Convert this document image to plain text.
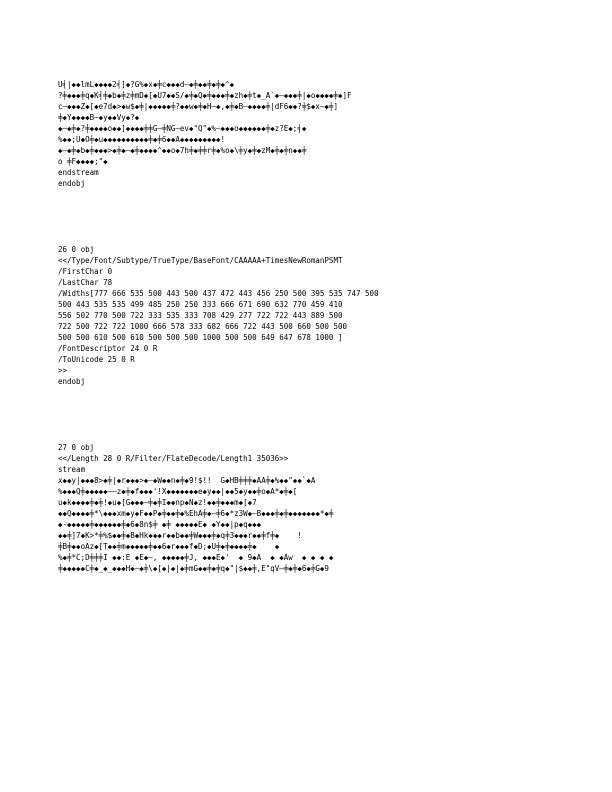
U╡|◆◆lmL◆◆◆◆2╡]◆?G%◆x◆╪c◆◆◆d–◆╪◆◆╪◆╪◆^◆
?╪◆◆◆╪q◆K╡╪◆b◆╪z╪mD◆[◆U7◆◆S/◆╪◆Q◆╪◆◆◆╪◆zh◆╪t◆_A`◆–◆◆◆╪|◆o◆◆◆◆╪◆]F
c–◆◆◆Z◆[◆e7d◆>◆w$◆╪|◆◆◆◆◆╪?◆◆w◆╪◆H–◆,◆╪◆B–◆◆◆◆╪|dF6◆◆?╪$◆x–◆╪]
╪◆Y◆◆◆◆B–◆y◆◆Vy◆?◆
◆–◆╪◆?╪◆◆◆◆o◆◆]◆◆◆◆╪╪G–╪NG–ev◆"Q"◆%–◆◆◆o◆◆◆◆◆◆╪◆z?E◆;╡◆
%◆◆;U◆O╪◆u◆◆◆◆◆◆◆◆◆◆╪◆╪6◆◆A◆◆◆◆◆◆◆◆◆!
◆–◆╪◆b◆╪◆◆◆>◆╪◆–◆╪◆◆◆◆^◆◆o◆7h╪◆╪╪r╪◆%o◆\╪y◆╪◆zM◆╪◆╪n◆◆╪
o ╪F◆◆◆◆;"◆
endstream
endobj

26 0 obj
<</Type/Font/Subtype/TrueType/BaseFont/CAAAAA+TimesNewRomanPSMT
/FirstChar 0
/LastChar 78
/Widths[777 666 535 500 443 500 437 472 443 456 250 500 395 535 747 500
500 443 535 535 499 485 250 250 333 666 671 690 632 770 459 410
556 502 770 500 722 333 535 333 708 429 277 722 722 443 889 500
722 500 722 722 1000 666 578 333 682 666 722 443 500 660 500 500
500 500 610 500 610 500 500 500 1000 500 500 649 647 678 1000 ]
/FontDescriptor 24 0 R
/ToUnicode 25 0 R
>>
endobj

27 0 obj
<</Length 28 0 R/Filter/FlateDecode/Length1 35036>>
stream
x◆◆y|◆◆◆8>◆╪|◆r◆◆◆>◆–◆W◆◆n◆╪◆9!$!!  G◆HB╪╪╪◆AA╪◆%◆◆"◆◆`◆A
%◆◆◆Q╪◆◆◆◆◆––z◆╪◆f◆◆◆'!X◆◆◆◆◆◆◆e◆y◆◆|◆◆5◆y◆◆╪o◆A*◆╪◆[
u◆k◆◆◆◆╪◆╪!◆u◆[G◆◆◆–╪◆╪I◆◆np◆N◆z!◆◆╪◆◆◆m◆[◆7
◆◆Q◆◆◆◆╪*\◆◆◆xm◆y◆F◆◆P◆╪◆◆╪◆%EhA╪◆–╪6◆*z3W◆–B◆◆◆╪◆╪◆◆◆◆◆◆◆*◆╪
◆-◆◆◆◆◆╪◆◆◆◆◆◆╪◆6◆8n$╪ ◆╪ ◆◆◆◆◆E◆ ◆Y◆◆|p◆q◆◆◆
◆◆╪]7◆K>*╪%$◆◆╪◆B◆Hk◆◆◆r◆◆b◆◆╪W◆◆◆╪◆q╪3◆◆◆r◆◆╪f╪◆    !
╪B╪◆◆oAz◆[T◆◆╪m◆◆◆◆◆╪◆◆6◆r◆◆◆f◆D;◆U╪◆╪◆◆◆◆╪◆    ◆
%◆╪*C;D╪╪╪I ◆◆:E ◆E◆–, ◆◆◆◆◆╪J, ◆◆◆E◆'  ◆ 9◆A  ◆ ◆Aw  ◆ ◆ ◆ ◆
╪◆◆◆◆◆C╪◆_◆_◆◆◆H◆–◆╪\◆[◆|◆|◆╪mG◆◆╪◆╪q◆"|$◆◆╪,E"qV–╪◆╪◆6◆╪G◆9
